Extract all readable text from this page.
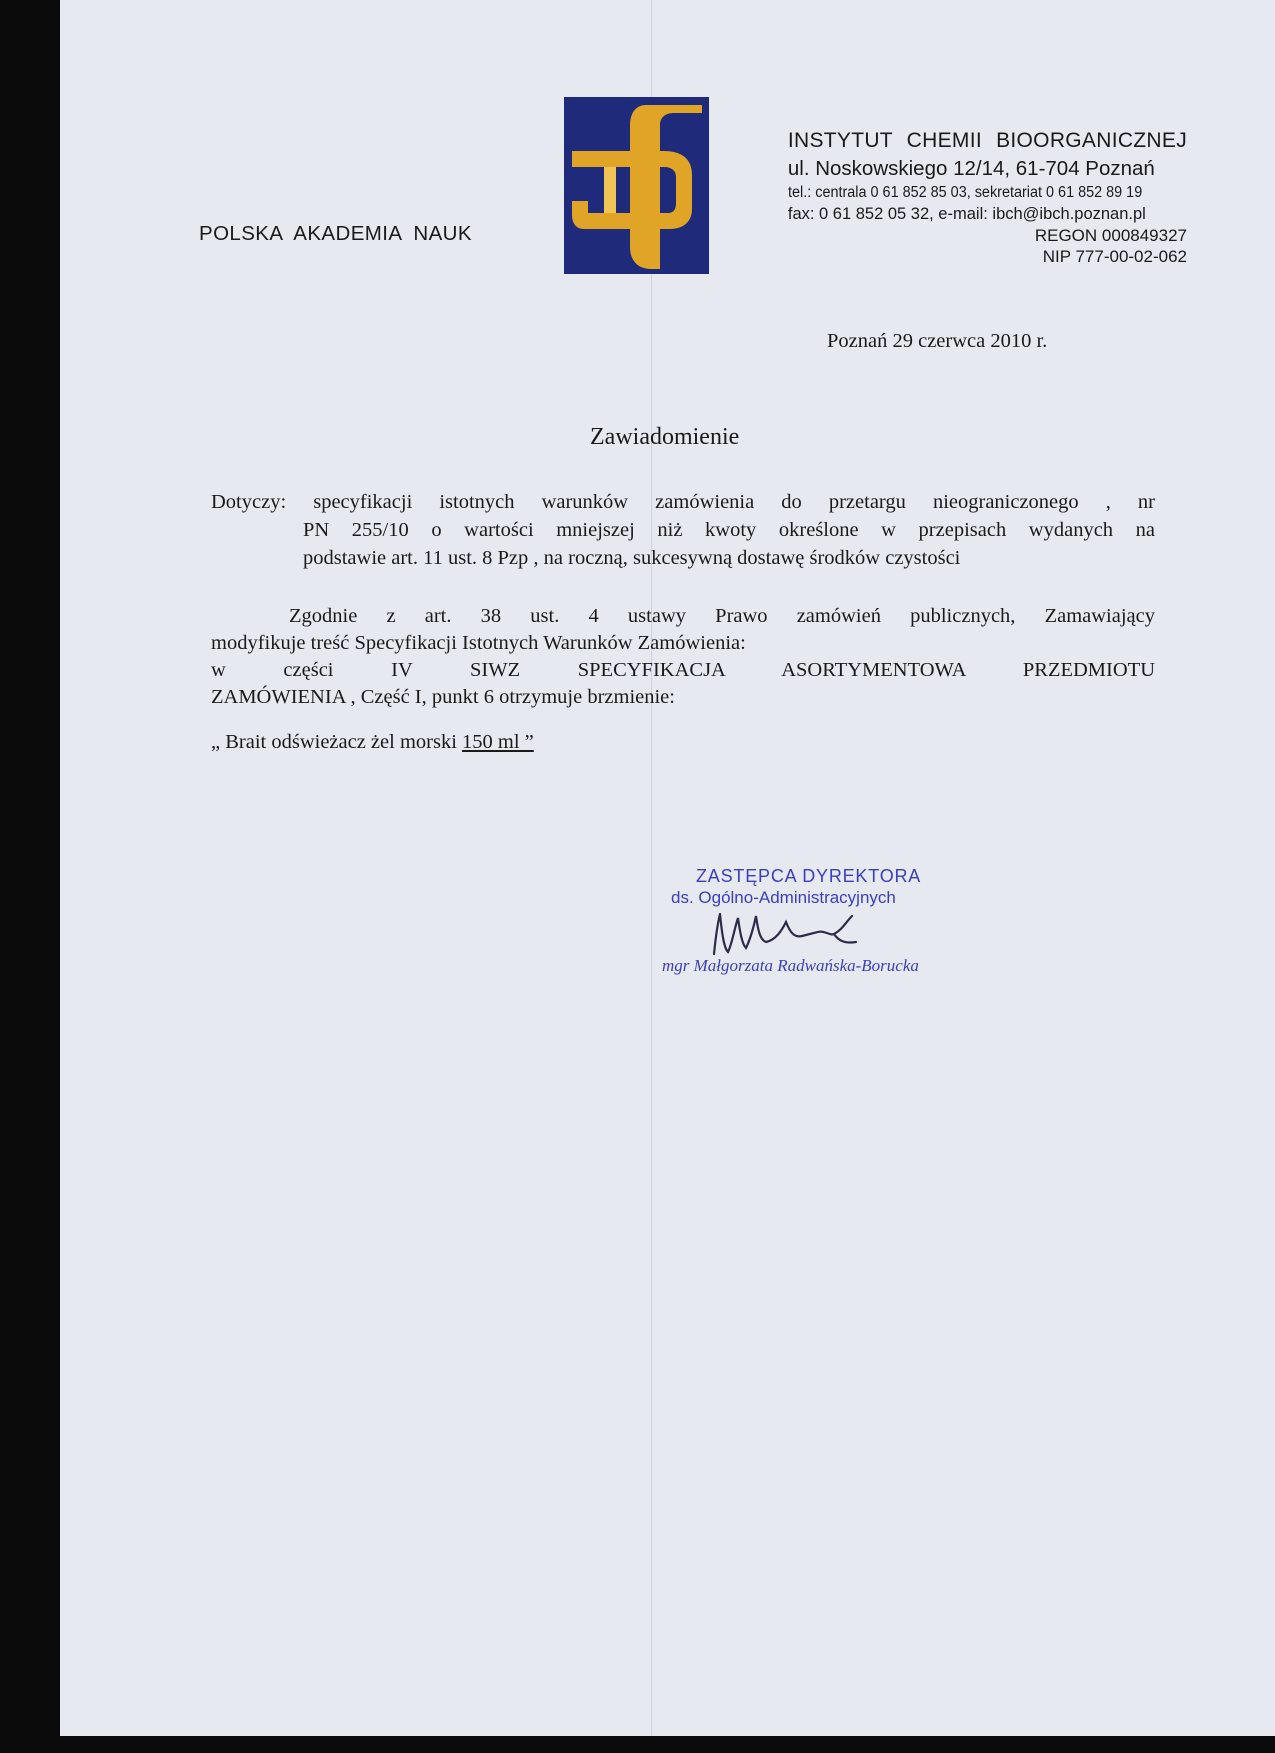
POLSKA AKADEMIA NAUK
INSTYTUT CHEMII BIOORGANICZNEJ
ul. Noskowskiego 12/14, 61-704 Poznań
tel.: centrala 0 61 852 85 03, sekretariat 0 61 852 89 19
fax: 0 61 852 05 32, e-mail: ibch@ibch.poznan.pl
REGON 000849327
NIP 777-00-02-062
Poznań 29 czerwca 2010 r.
Zawiadomienie
Dotyczy: specyfikacji istotnych warunków zamówienia do przetargu nieograniczonego , nr
PN 255/10 o wartości mniejszej niż kwoty określone w przepisach wydanych na
podstawie art. 11 ust. 8 Pzp , na roczną, sukcesywną dostawę środków czystości
Zgodnie z art. 38 ust. 4 ustawy Prawo zamówień publicznych, Zamawiający
modyfikuje treść Specyfikacji Istotnych Warunków Zamówienia:
w części IV SIWZ SPECYFIKACJA ASORTYMENTOWA PRZEDMIOTU
ZAMÓWIENIA , Część I, punkt 6 otrzymuje brzmienie:
„ Brait odświeżacz żel morski 150 ml ”
ZASTĘPCA DYREKTORA
ds. Ogólno-Administracyjnych
mgr Małgorzata Radwańska-Borucka
